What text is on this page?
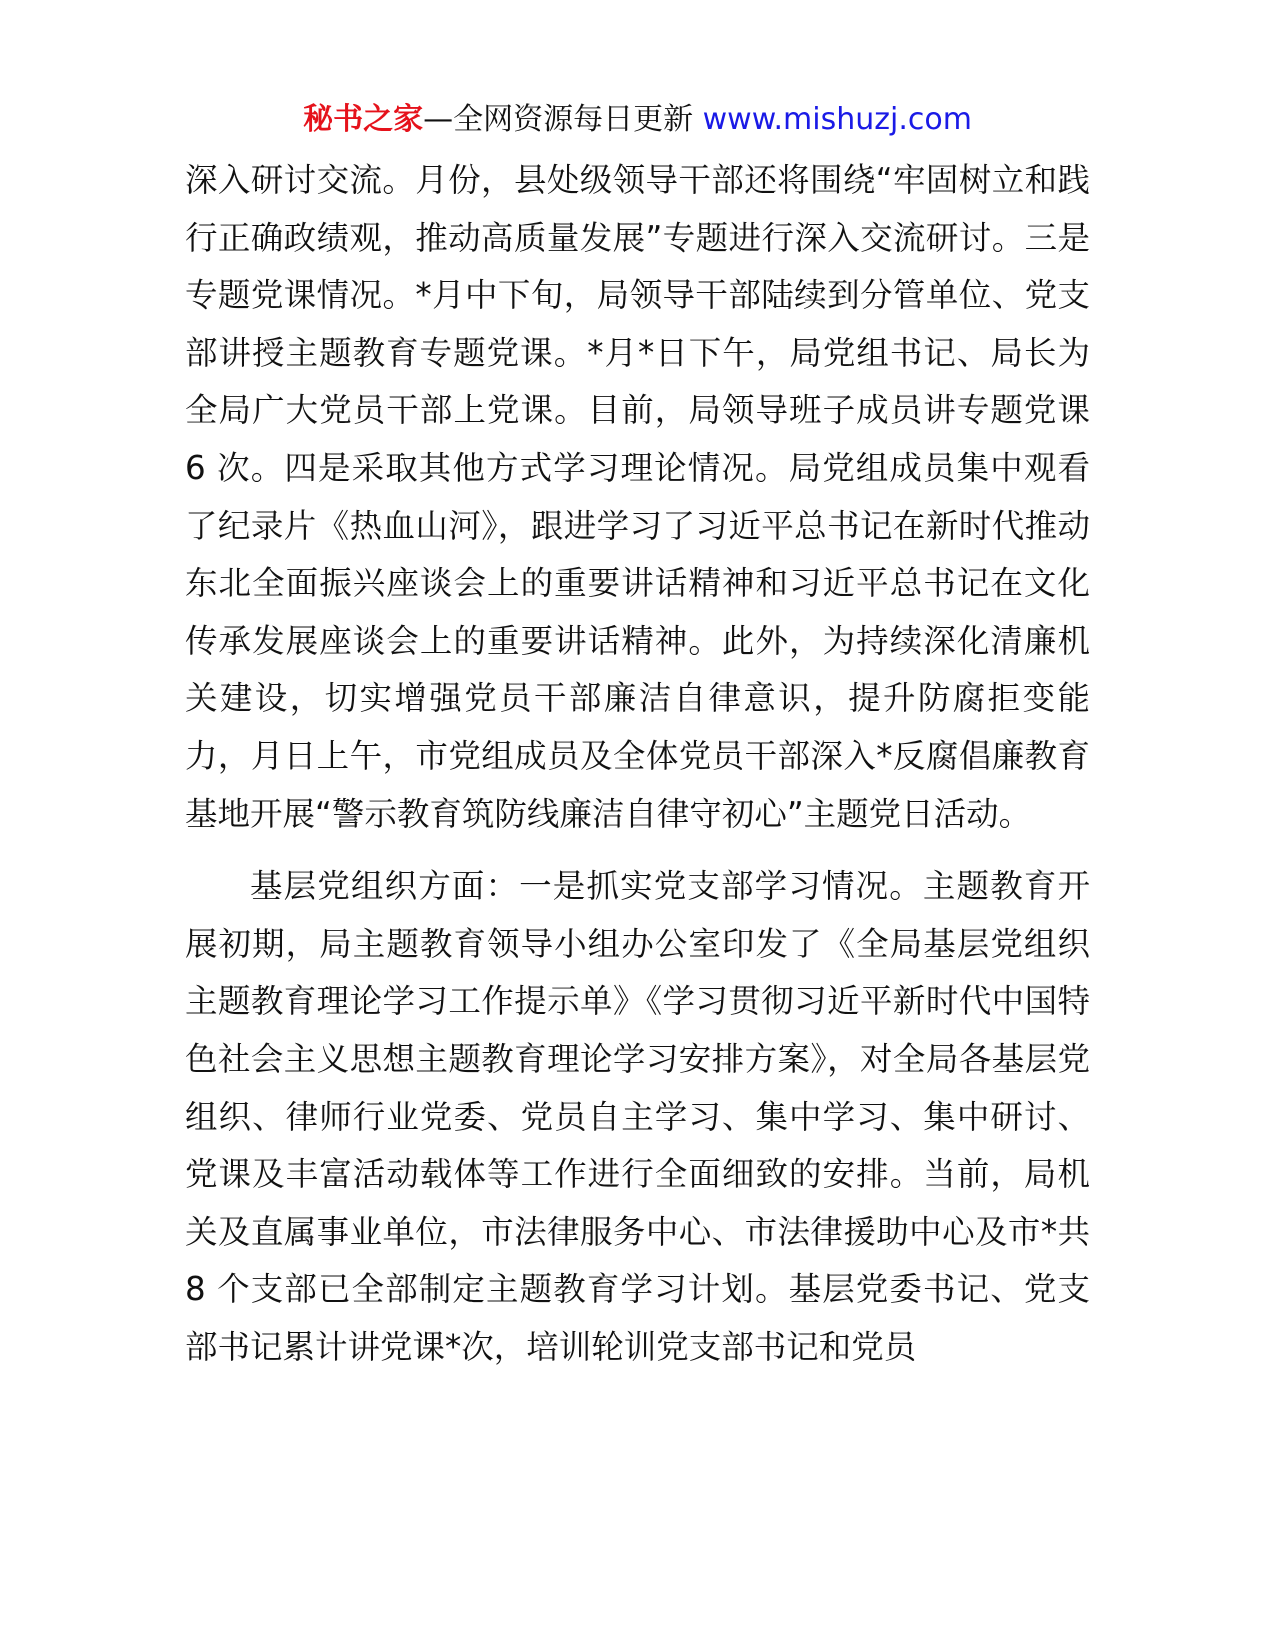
秘书之家—全网资源每日更新 www.mishuzj.com

深入研讨交流。月份，县处级领导干部还将围绕“牢固树立和践行正确政绩观，推动高质量发展”专题进行深入交流研讨。三是专题党课情况。*月中下旬，局领导干部陆续到分管单位、党支部讲授主题教育专题党课。*月*日下午，局党组书记、局长为全局广大党员干部上党课。目前，局领导班子成员讲专题党课 6 次。四是采取其他方式学习理论情况。局党组成员集中观看了纪录片《热血山河》，跟进学习了习近平总书记在新时代推动东北全面振兴座谈会上的重要讲话精神和习近平总书记在文化传承发展座谈会上的重要讲话精神。此外，为持续深化清廉机关建设，切实增强党员干部廉洁自律意识，提升防腐拒变能力，月日上午，市党组成员及全体党员干部深入*反腐倡廉教育基地开展“警示教育筑防线廉洁自律守初心”主题党日活动。

基层党组织方面：一是抓实党支部学习情况。主题教育开展初期，局主题教育领导小组办公室印发了《全局基层党组织主题教育理论学习工作提示单》《学习贯彻习近平新时代中国特色社会主义思想主题教育理论学习安排方案》，对全局各基层党组织、律师行业党委、党员自主学习、集中学习、集中研讨、党课及丰富活动载体等工作进行全面细致的安排。当前，局机关及直属事业单位，市法律服务中心、市法律援助中心及市*共 8 个支部已全部制定主题教育学习计划。基层党委书记、党支部书记累计讲党课*次，培训轮训党支部书记和党员
